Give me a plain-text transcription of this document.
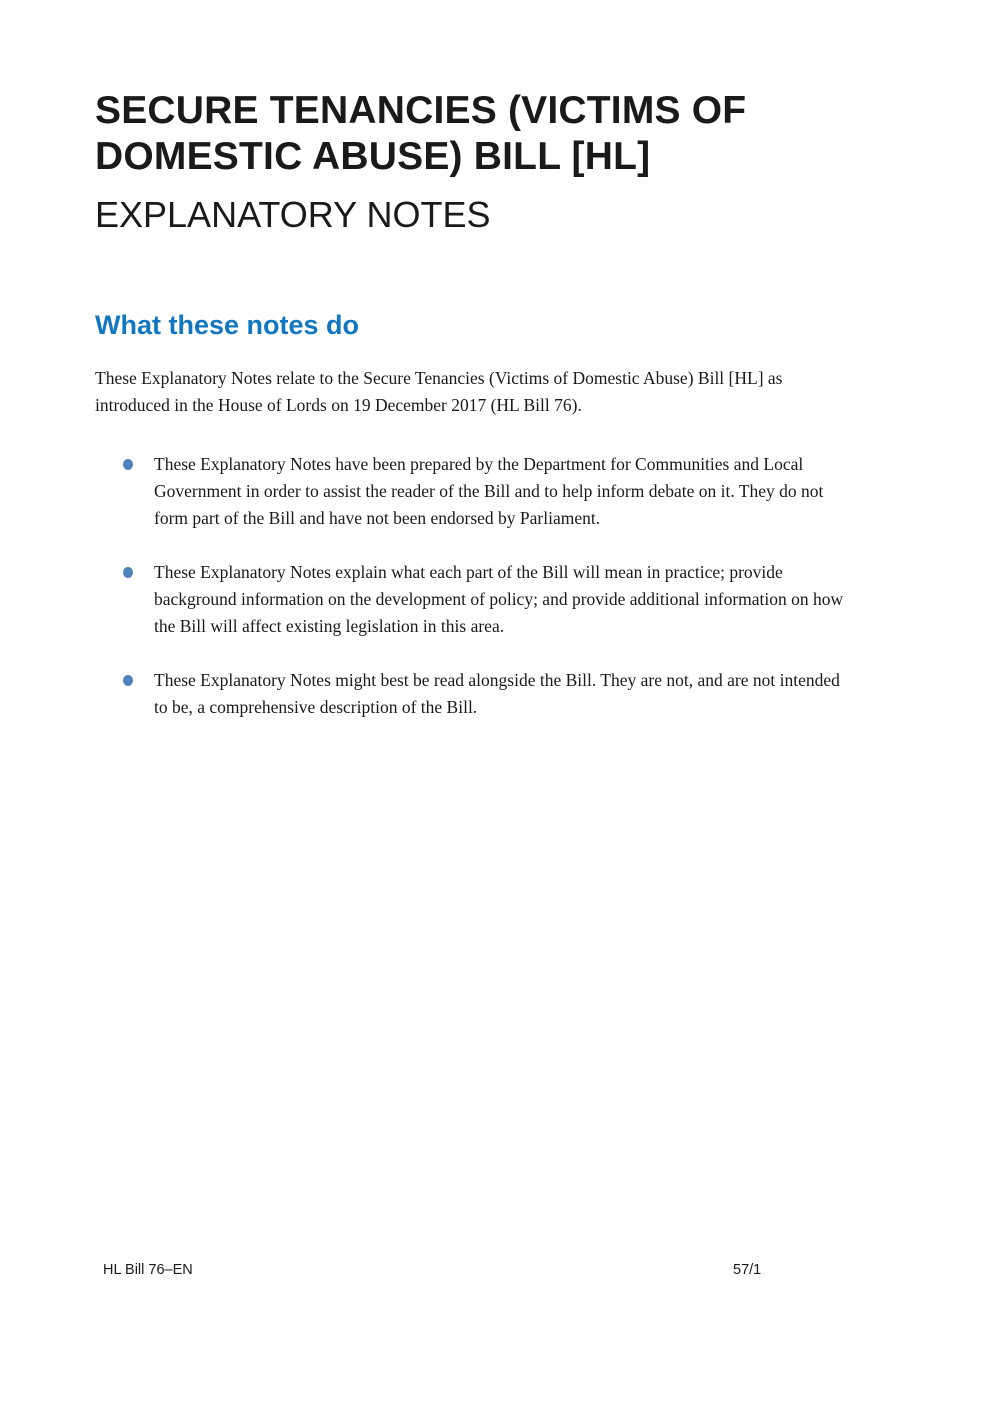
SECURE TENANCIES (VICTIMS OF
DOMESTIC ABUSE) BILL [HL]
EXPLANATORY NOTES
What these notes do

These Explanatory Notes relate to the Secure Tenancies (Victims of Domestic Abuse) Bill [HL] as introduced in the House of Lords on 19 December 2017 (HL Bill 76).

These Explanatory Notes have been prepared by the Department for Communities and Local Government in order to assist the reader of the Bill and to help inform debate on it. They do not form part of the Bill and have not been endorsed by Parliament.
These Explanatory Notes explain what each part of the Bill will mean in practice; provide background information on the development of policy; and provide additional information on how the Bill will affect existing legislation in this area.
These Explanatory Notes might best be read alongside the Bill. They are not, and are not intended to be, a comprehensive description of the Bill.
HL Bill 76–EN	57/1
